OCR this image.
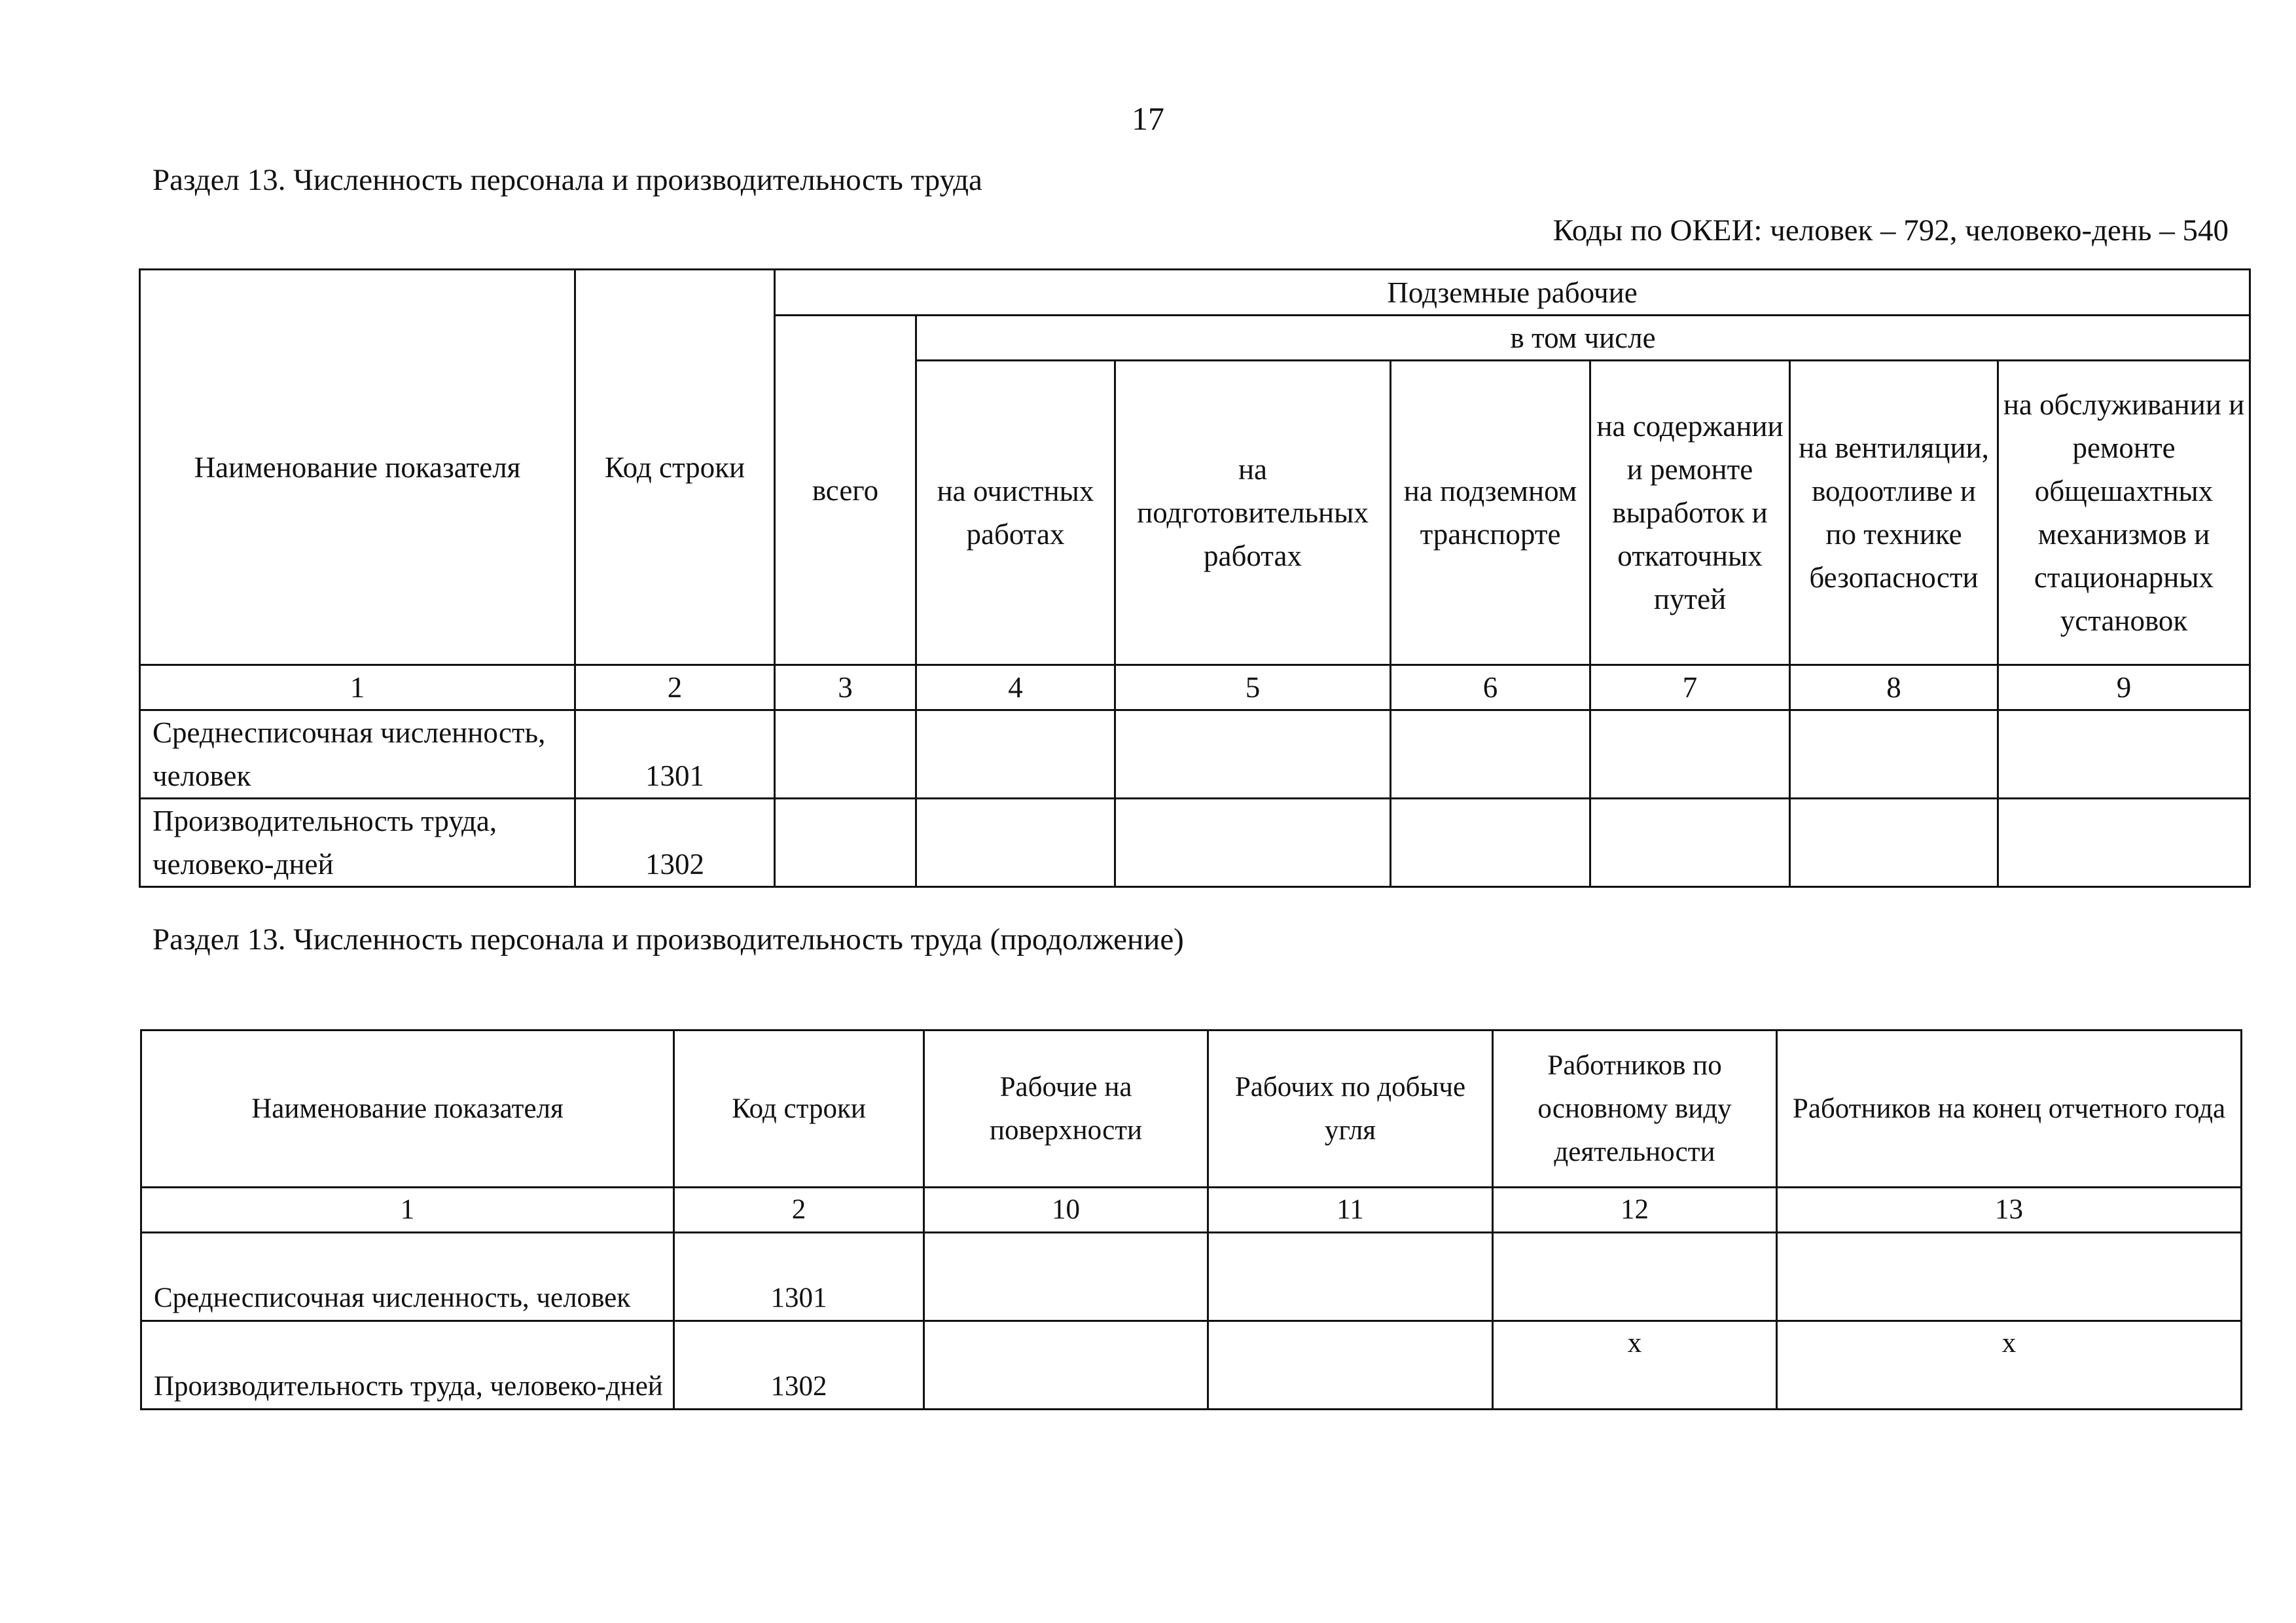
17
Раздел 13. Численность персонала и производительность труда
Коды по ОКЕИ: человек – 792, человеко-день – 540
Наименование показателя	Код строки	Подземные рабочие						
		всего	в том числе					
			на очистных работах	на подготовительных работах	на подземном транспорте	на содержании и ремонте выработок и откаточных путей	на вентиляции, водоотливе и по технике безопасности	на обслуживании и ремонте общешахтных механизмов и стационарных установок
1	2	3	4	5	6	7	8	9
Среднесписочная численность, человек	1301							
Производительность труда, человеко-дней	1302							
Раздел 13. Численность персонала и производительность труда (продолжение)
Наименование показателя	Код строки	Рабочие на поверхности	Рабочих по добыче угля	Работников по основному виду деятельности	Работников на конец отчетного года
1	2	10	11	12	13
Среднесписочная численность, человек	1301				
Производительность труда, человеко-дней	1302			х	х
